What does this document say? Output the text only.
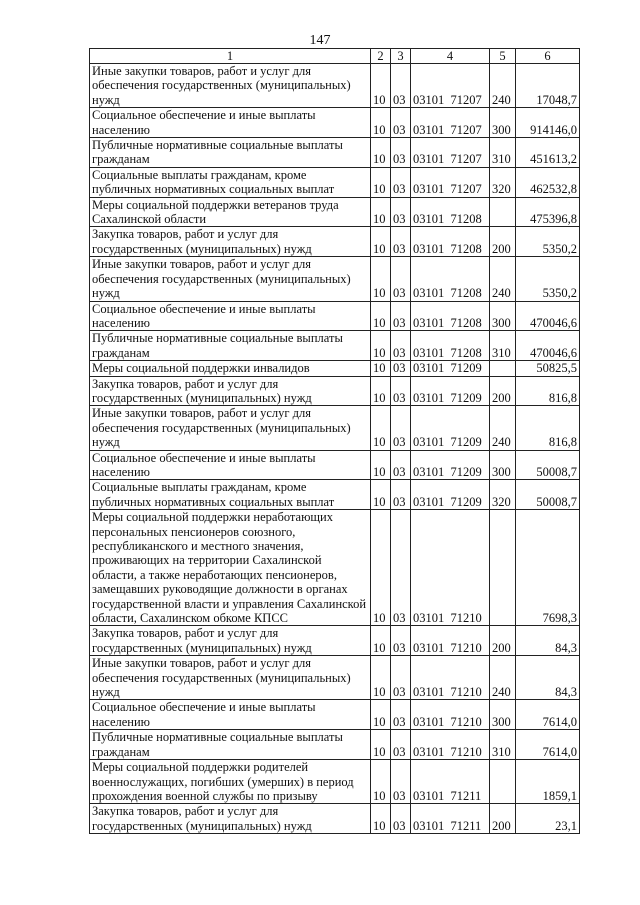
147
1	2	3	4	5	6
Иные закупки товаров, работ и услуг для обеспечения государственных (муниципальных) нужд	10	03	03101  71207	240	17048,7
Социальное обеспечение и иные выплаты населению	10	03	03101  71207	300	914146,0
Публичные нормативные социальные выплаты гражданам	10	03	03101  71207	310	451613,2
Социальные выплаты гражданам, кроме публичных нормативных социальных выплат	10	03	03101  71207	320	462532,8
Меры социальной поддержки ветеранов труда Сахалинской области	10	03	03101  71208		475396,8
Закупка товаров, работ и услуг для государственных (муниципальных) нужд	10	03	03101  71208	200	5350,2
Иные закупки товаров, работ и услуг для обеспечения государственных (муниципальных) нужд	10	03	03101  71208	240	5350,2
Социальное обеспечение и иные выплаты населению	10	03	03101  71208	300	470046,6
Публичные нормативные социальные выплаты гражданам	10	03	03101  71208	310	470046,6
Меры социальной поддержки инвалидов	10	03	03101  71209		50825,5
Закупка товаров, работ и услуг для государственных (муниципальных) нужд	10	03	03101  71209	200	816,8
Иные закупки товаров, работ и услуг для обеспечения государственных (муниципальных) нужд	10	03	03101  71209	240	816,8
Социальное обеспечение и иные выплаты населению	10	03	03101  71209	300	50008,7
Социальные выплаты гражданам, кроме публичных нормативных социальных выплат	10	03	03101  71209	320	50008,7
Меры социальной поддержки неработающих персональных пенсионеров союзного, республиканского и местного значения, проживающих на территории Сахалинской области, а также неработающих пенсионеров, замещавших руководящие должности в органах государственной власти и управления Сахалинской области, Сахалинском обкоме КПСС	10	03	03101  71210		7698,3
Закупка товаров, работ и услуг для государственных (муниципальных) нужд	10	03	03101  71210	200	84,3
Иные закупки товаров, работ и услуг для обеспечения государственных (муниципальных) нужд	10	03	03101  71210	240	84,3
Социальное обеспечение и иные выплаты населению	10	03	03101  71210	300	7614,0
Публичные нормативные социальные выплаты гражданам	10	03	03101  71210	310	7614,0
Меры социальной поддержки родителей военнослужащих, погибших (умерших) в период прохождения военной службы по призыву	10	03	03101  71211		1859,1
Закупка товаров, работ и услуг для государственных (муниципальных) нужд	10	03	03101  71211	200	23,1
